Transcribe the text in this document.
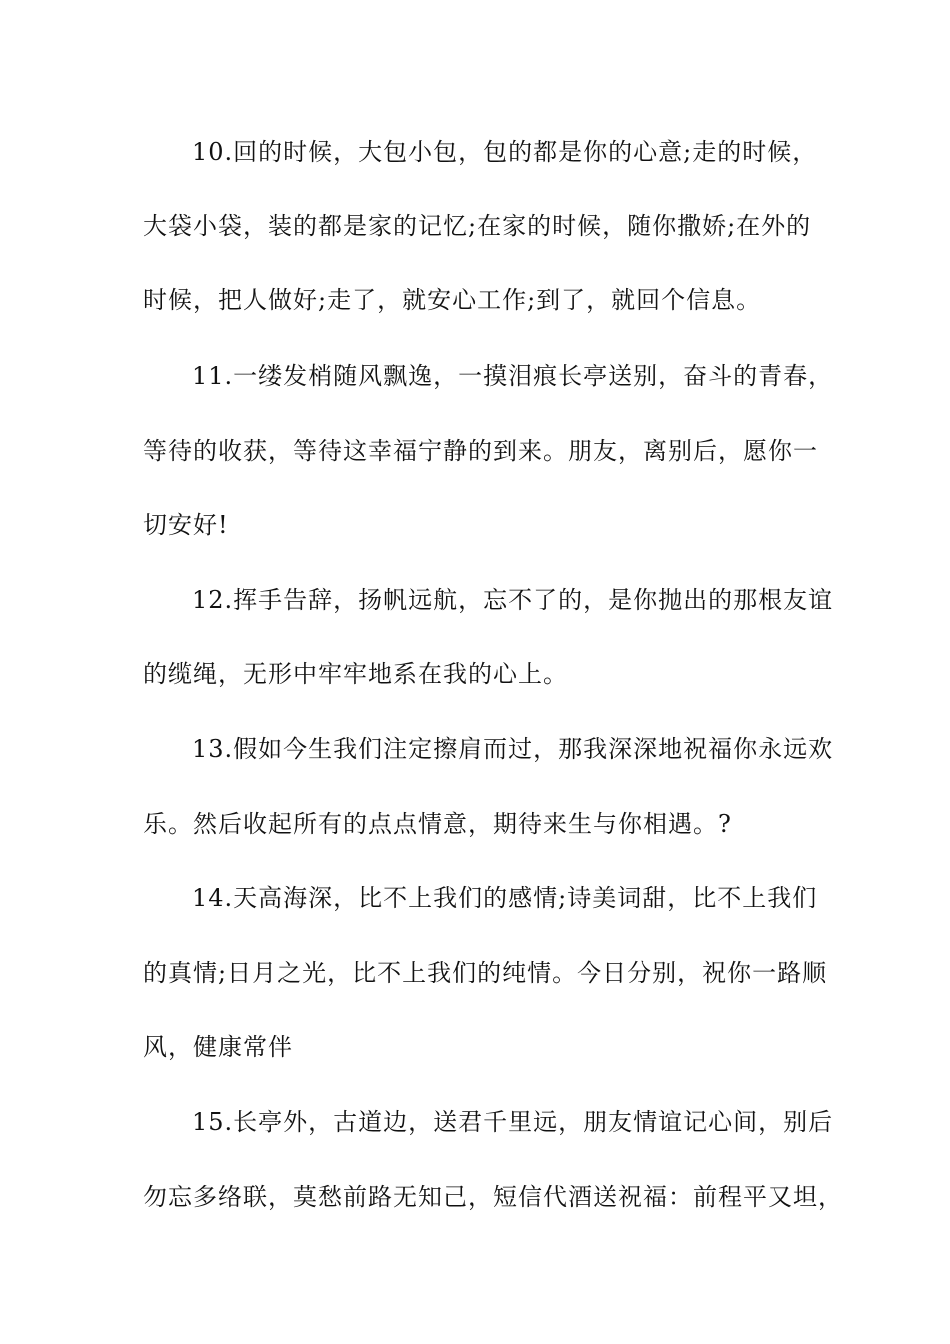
10.回的时候，大包小包，包的都是你的心意;走的时候，
大袋小袋，装的都是家的记忆;在家的时候，随你撒娇;在外的
时候，把人做好;走了，就安心工作;到了，就回个信息。
11.一缕发梢随风飘逸，一摸泪痕长亭送别，奋斗的青春，
等待的收获，等待这幸福宁静的到来。朋友，离别后，愿你一
切安好!
12.挥手告辞，扬帆远航，忘不了的，是你抛出的那根友谊
的缆绳，无形中牢牢地系在我的心上。
13.假如今生我们注定擦肩而过，那我深深地祝福你永远欢
乐。然后收起所有的点点情意，期待来生与你相遇。?
14.天高海深，比不上我们的感情;诗美词甜，比不上我们
的真情;日月之光，比不上我们的纯情。今日分别，祝你一路顺
风，健康常伴
15.长亭外，古道边，送君千里远，朋友情谊记心间，别后
勿忘多络联，莫愁前路无知己，短信代酒送祝福：前程平又坦，
